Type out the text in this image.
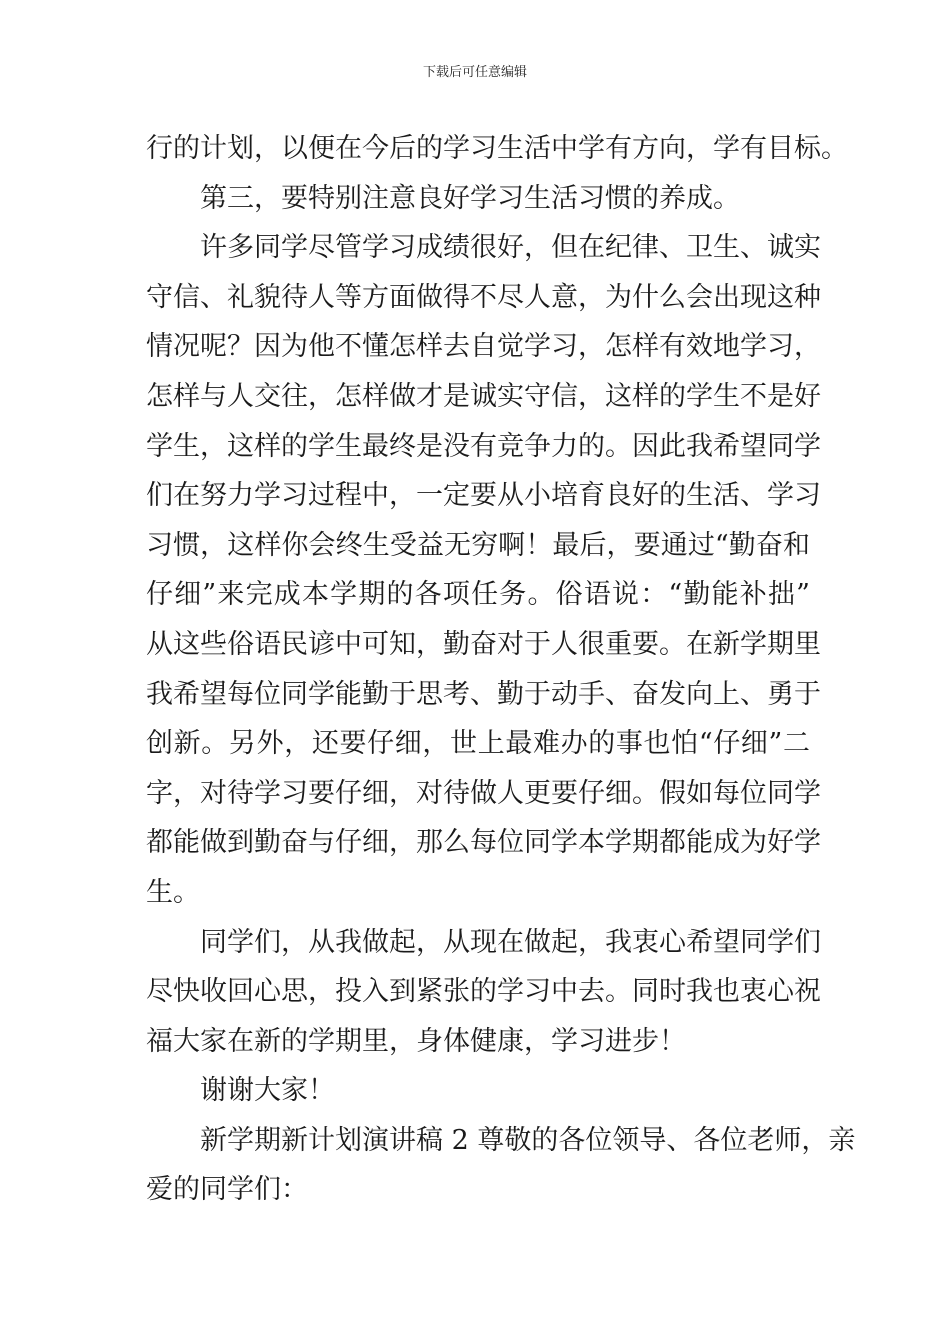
下载后可任意编辑
行的计划，以便在今后的学习生活中学有方向，学有目标。
第三，要特别注意良好学习生活习惯的养成。
许多同学尽管学习成绩很好，但在纪律、卫生、诚实
守信、礼貌待人等方面做得不尽人意，为什么会出现这种
情况呢？因为他不懂怎样去自觉学习，怎样有效地学习，
怎样与人交往，怎样做才是诚实守信，这样的学生不是好
学生，这样的学生最终是没有竞争力的。因此我希望同学
们在努力学习过程中，一定要从小培育良好的生活、学习
习惯，这样你会终生受益无穷啊！最后，要通过“勤奋和
仔细”来完成本学期的各项任务。俗语说：“勤能补拙”
从这些俗语民谚中可知，勤奋对于人很重要。在新学期里
我希望每位同学能勤于思考、勤于动手、奋发向上、勇于
创新。另外，还要仔细，世上最难办的事也怕“仔细”二
字，对待学习要仔细，对待做人更要仔细。假如每位同学
都能做到勤奋与仔细，那么每位同学本学期都能成为好学
生。
同学们，从我做起，从现在做起，我衷心希望同学们
尽快收回心思，投入到紧张的学习中去。同时我也衷心祝
福大家在新的学期里，身体健康，学习进步！
谢谢大家！
新学期新计划演讲稿 2 尊敬的各位领导、各位老师，亲
爱的同学们：
